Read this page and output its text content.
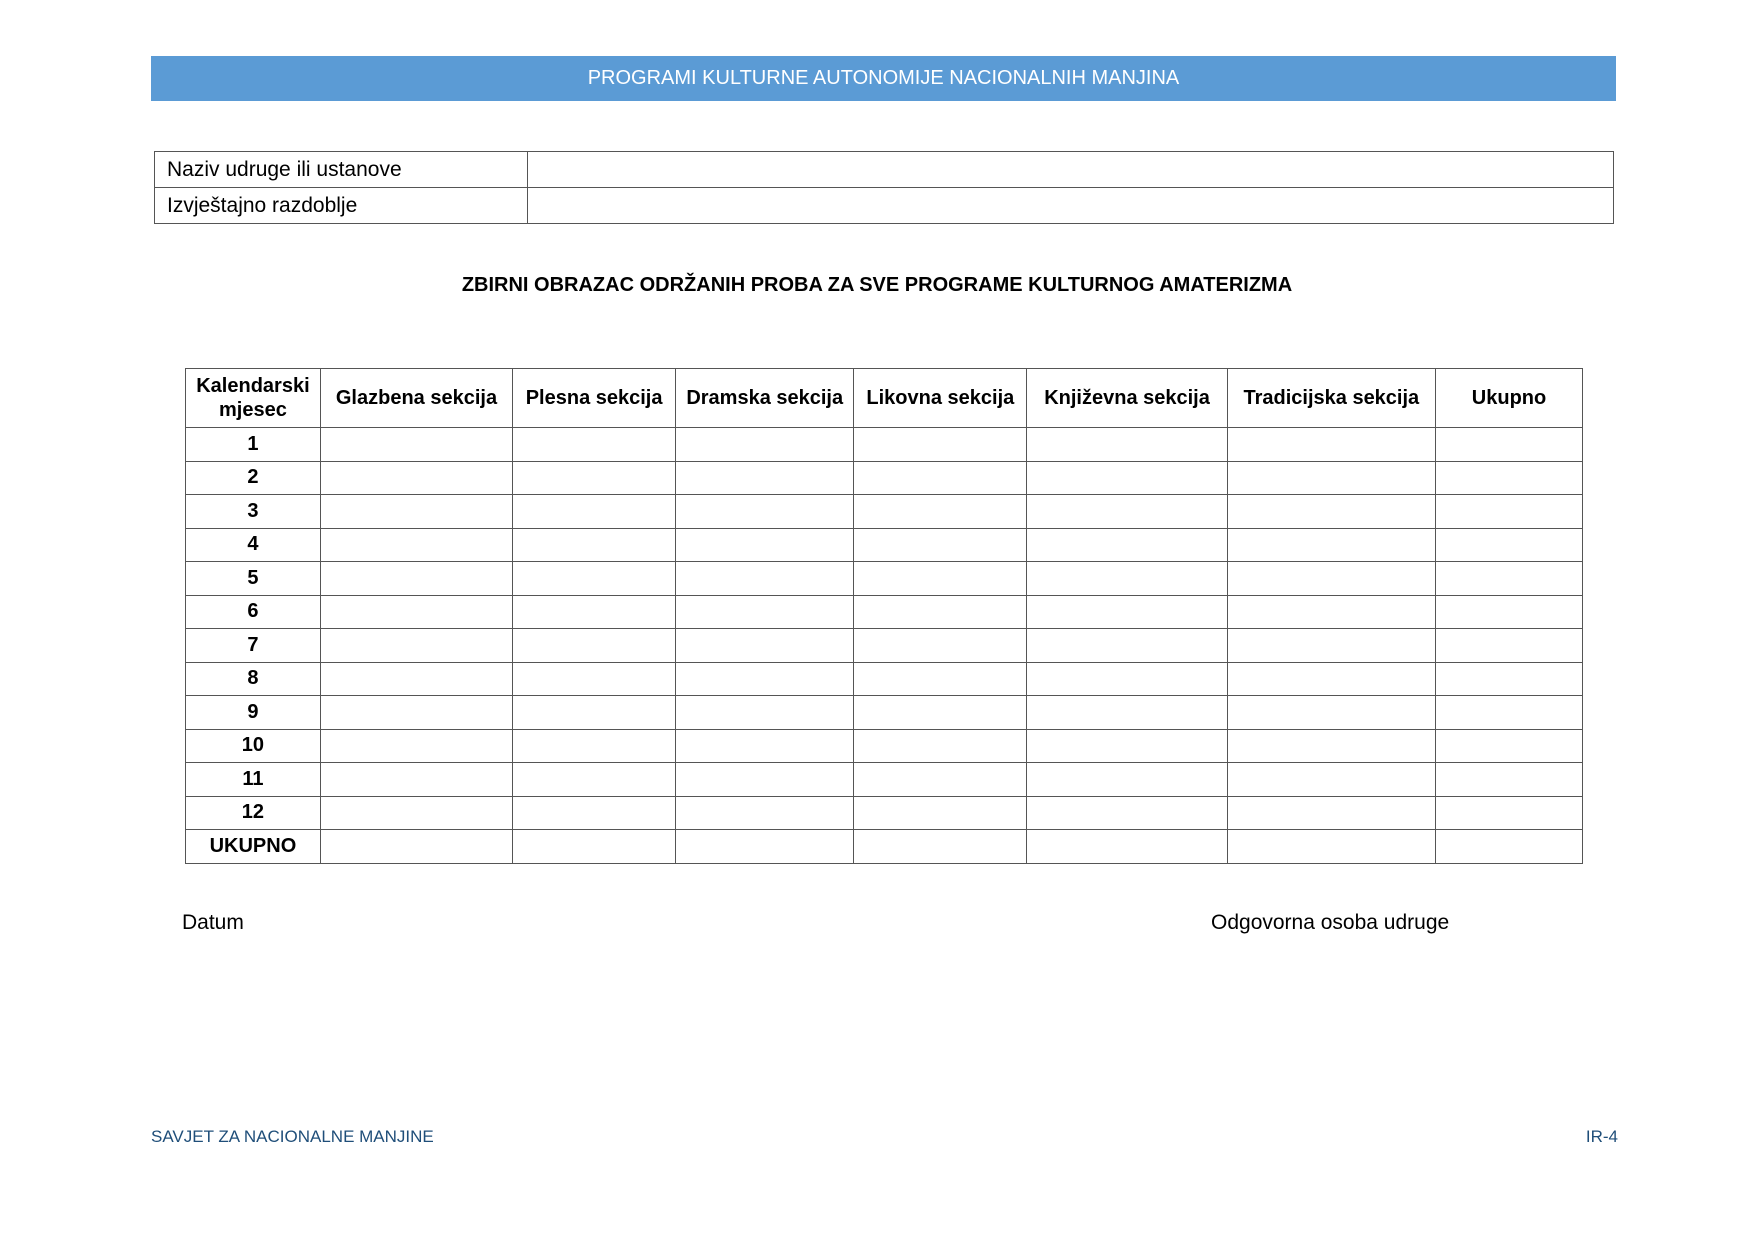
PROGRAMI KULTURNE AUTONOMIJE NACIONALNIH MANJINA
Naziv udruge ili ustanove	
Izvještajno razdoblje	
ZBIRNI OBRAZAC ODRŽANIH PROBA ZA SVE PROGRAME KULTURNOG AMATERIZMA
Kalendarski mjesec	Glazbena sekcija	Plesna sekcija	Dramska sekcija	Likovna sekcija	Književna sekcija	Tradicijska sekcija	Ukupno
1							
2							
3							
4							
5							
6							
7							
8							
9							
10							
11							
12							
UKUPNO							
Datum	Odgovorna osoba udruge
SAVJET ZA NACIONALNE MANJINE	IR-4
